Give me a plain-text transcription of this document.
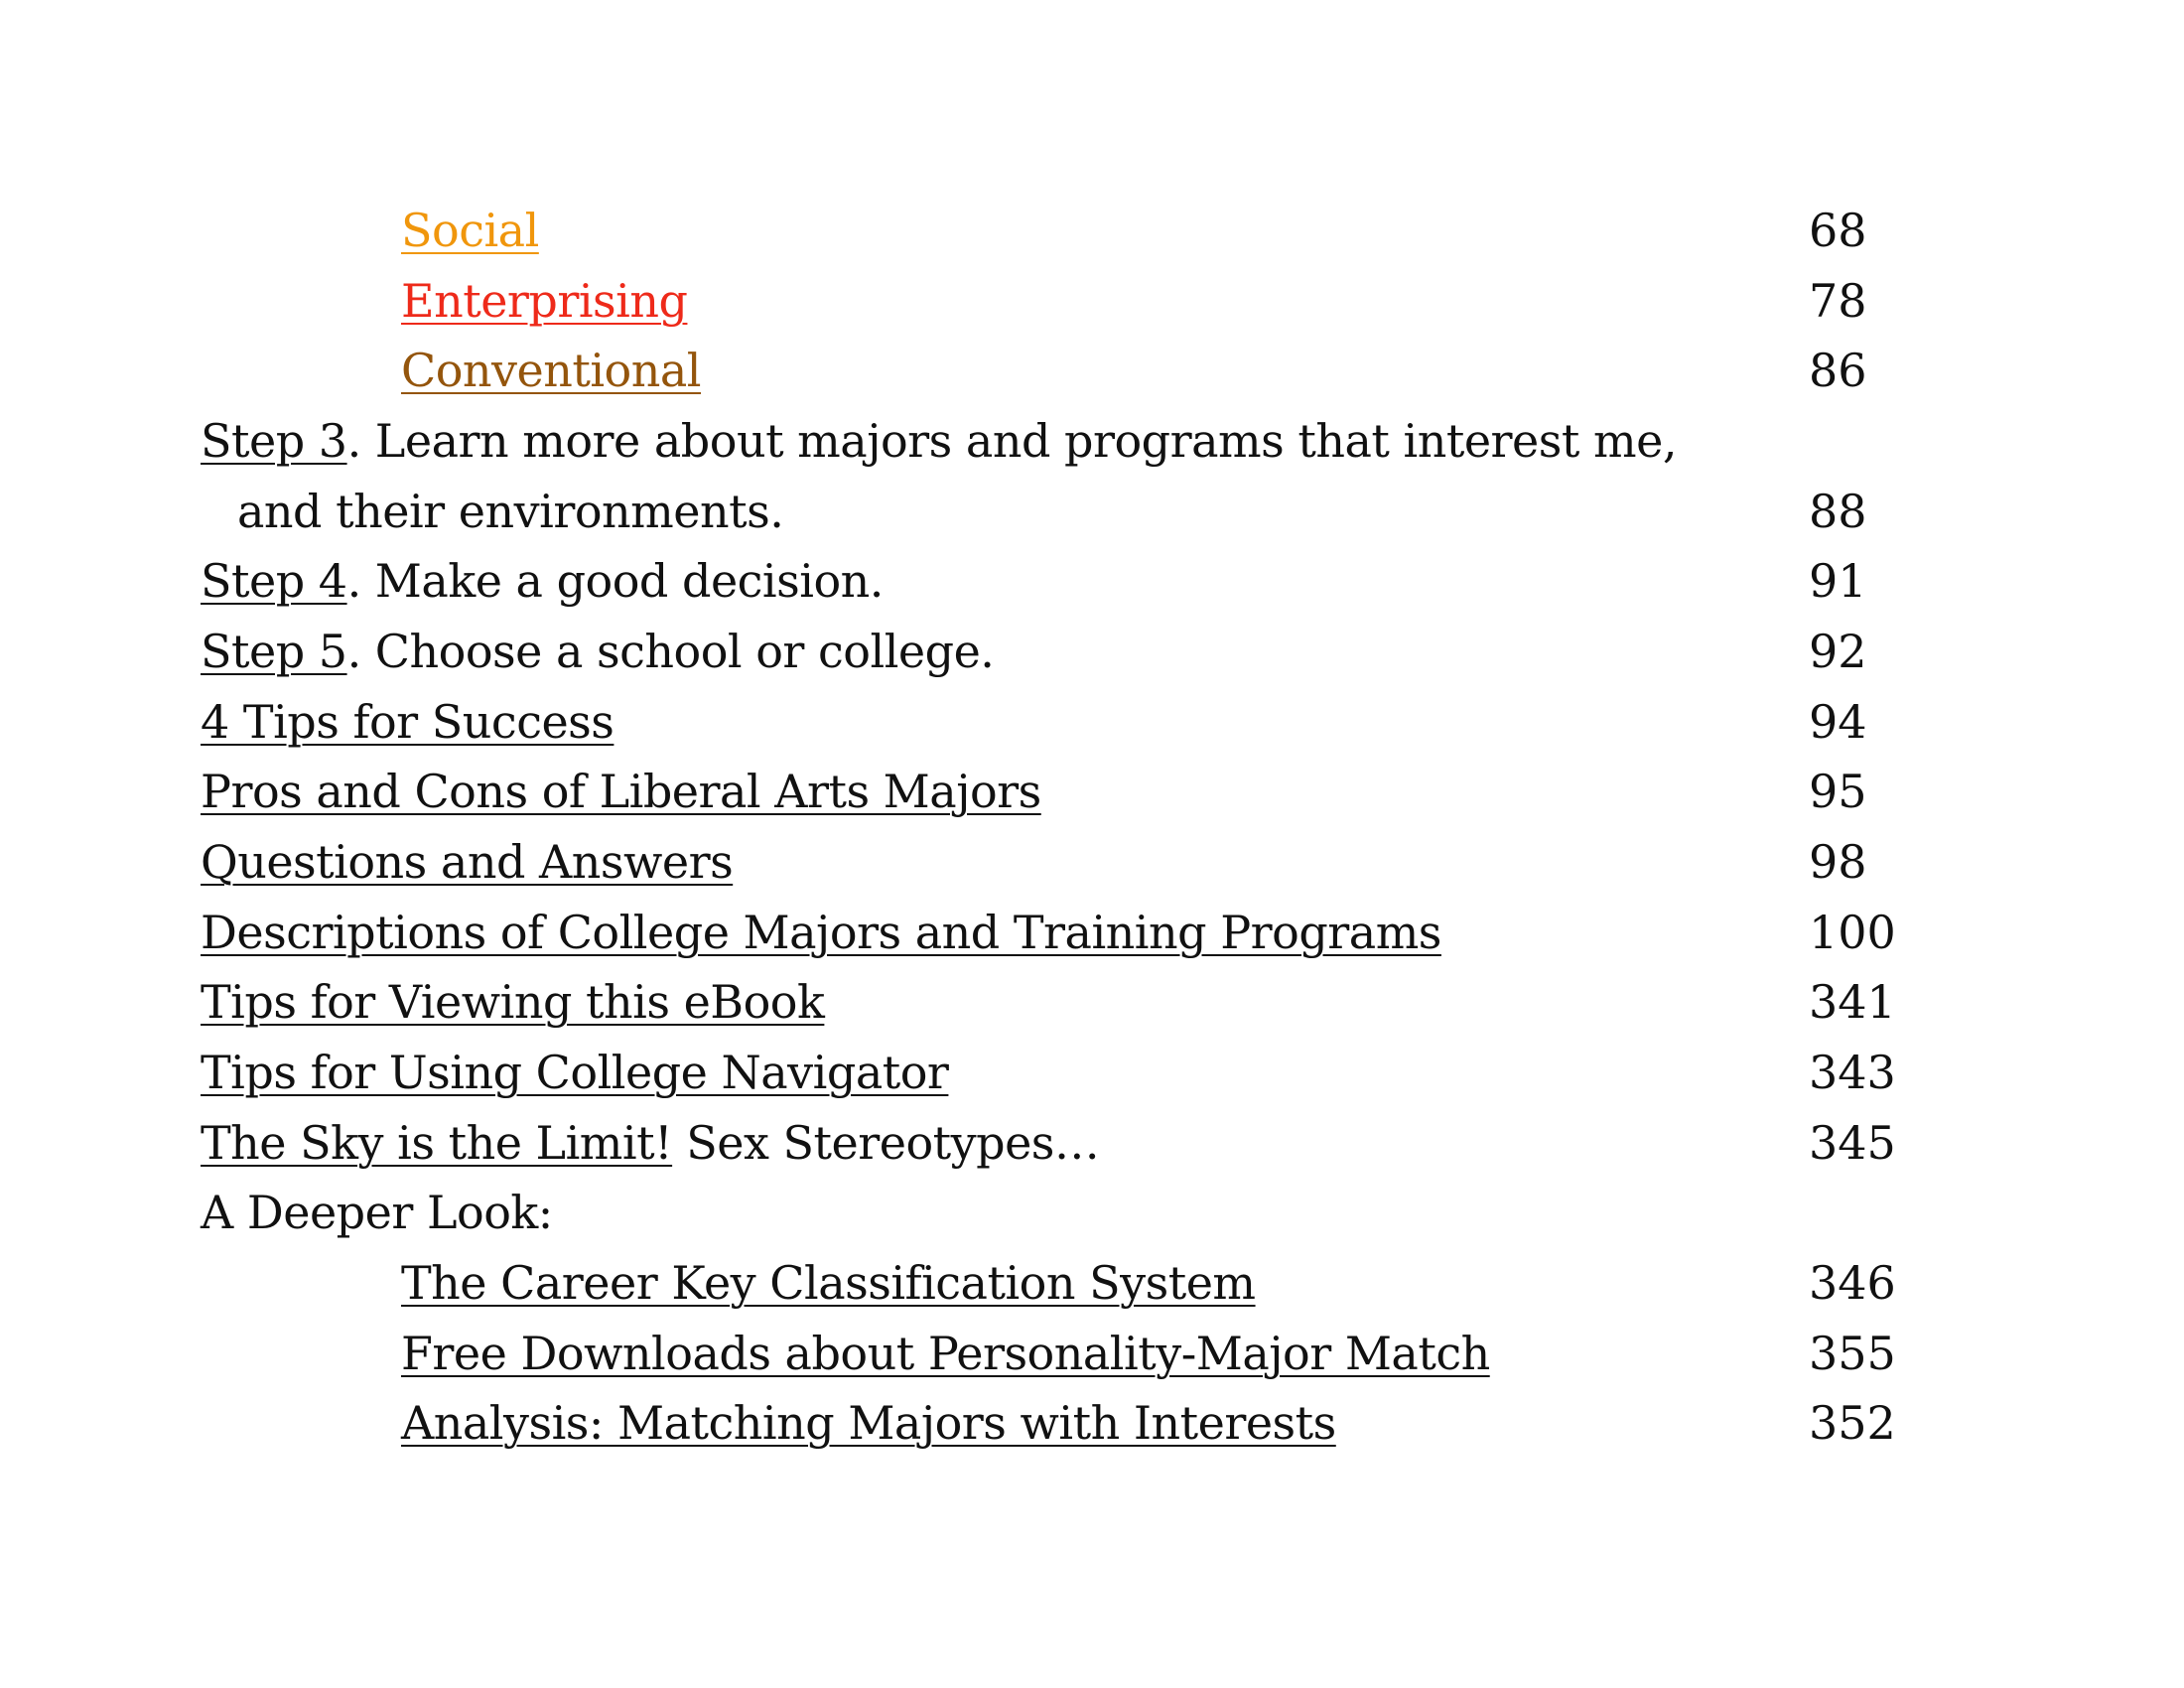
Social	68
Enterprising	78
Conventional	86
Step 3. Learn more about majors and programs that interest me,
and their environments.	88
Step 4. Make a good decision.	91
Step 5. Choose a school or college.	92
4 Tips for Success	94
Pros and Cons of Liberal Arts Majors	95
Questions and Answers	98
Descriptions of College Majors and Training Programs	100
Tips for Viewing this eBook	341
Tips for Using College Navigator	343
The Sky is the Limit! Sex Stereotypes…	345
A Deeper Look:
The Career Key Classification System	346
Free Downloads about Personality-Major Match	355
Analysis: Matching Majors with Interests	352
